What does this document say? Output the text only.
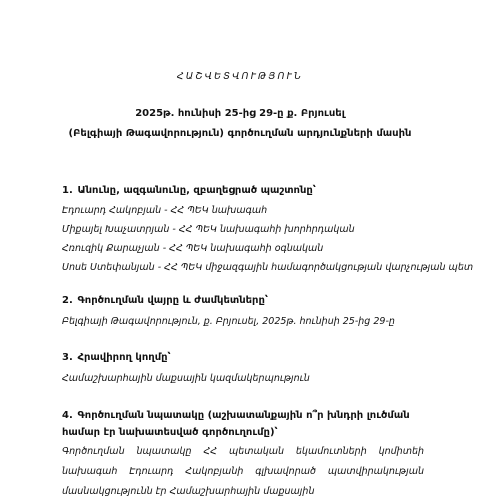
ՀԱՇՎԵՏՎՈՒԹՅՈՒՆ
2025թ. հունիսի 25-ից 29-ը ք. Բրյուսել
(Բելգիայի Թագավորություն) գործուղման արդյունքների մասին
1. Անունը, ազգանունը, զբաղեցրած պաշտոնը՝
Էդուարդ Հակոբյան - ՀՀ ՊԵԿ նախագահ
Միքայել Խաչատրյան - ՀՀ ՊԵԿ նախագահի խորհրդական
Հռուզիկ Քարաչյան - ՀՀ ՊԵԿ նախագահի օգնական
Սոսե Ստեփանյան - ՀՀ ՊԵԿ միջազգային համագործակցության վարչության պետ
2. Գործուղման վայրը և ժամկետները՝
Բելգիայի Թագավորություն, ք. Բրյուսել, 2025թ. հունիսի 25-ից 29-ը
3. Հրավիրող կողմը՝
Համաշխարհային մաքսային կազմակերպություն
4. Գործուղման նպատակը (աշխատանքային ո՞ր խնդրի լուծման համար էր նախատեսված գործուղումը)՝
Գործուղման նպատակը ՀՀ պետական եկամուտների կոմիտեի նախագահ Էդուարդ Հակոբյանի գլխավորած պատվիրակության մասնակցությունն էր Համաշխարհային մաքսային
